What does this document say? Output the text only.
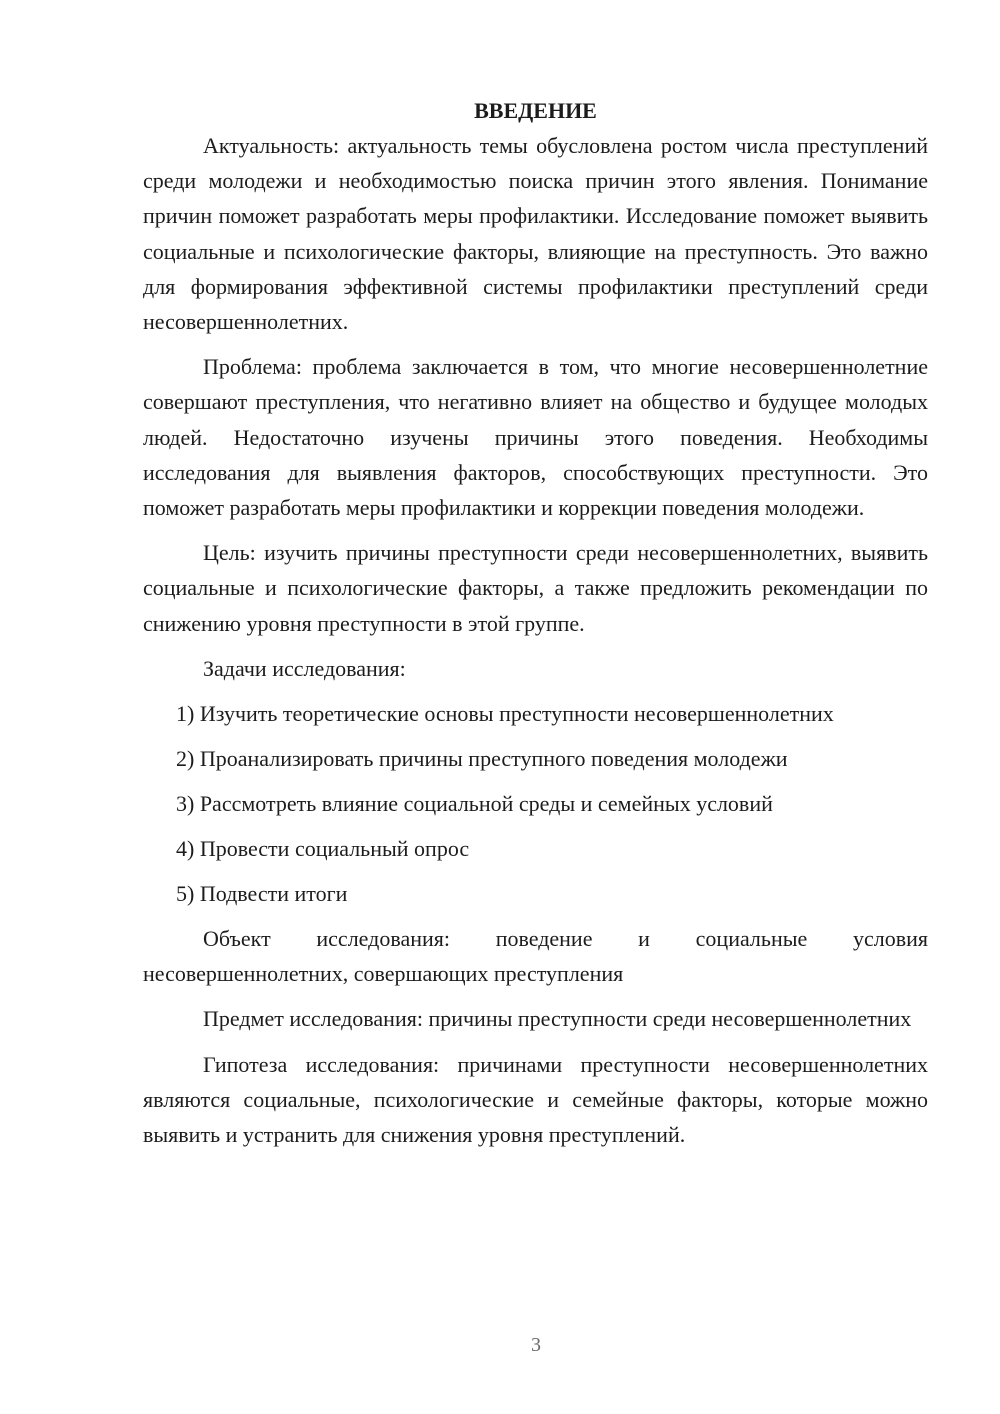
ВВЕДЕНИЕ

Актуальность: актуальность темы обусловлена ростом числа преступлений среди молодежи и необходимостью поиска причин этого явления. Понимание причин поможет разработать меры профилактики. Исследование поможет выявить социальные и психологические факторы, влияющие на преступность. Это важно для формирования эффективной системы профилактики преступлений среди несовершеннолетних.

Проблема: проблема заключается в том, что многие несовершеннолетние совершают преступления, что негативно влияет на общество и будущее молодых людей. Недостаточно изучены причины этого поведения. Необходимы исследования для выявления факторов, способствующих преступности. Это поможет разработать меры профилактики и коррекции поведения молодежи.

Цель: изучить причины преступности среди несовершеннолетних, выявить социальные и психологические факторы, а также предложить рекомендации по снижению уровня преступности в этой группе.

Задачи исследования:

1) Изучить теоретические основы преступности несовершеннолетних
2) Проанализировать причины преступного поведения молодежи
3) Рассмотреть влияние социальной среды и семейных условий
4) Провести социальный опрос
5) Подвести итоги

Объект исследования: поведение и социальные условия несовершеннолетних, совершающих преступления

Предмет исследования: причины преступности среди несовершеннолетних

Гипотеза исследования: причинами преступности несовершеннолетних являются социальные, психологические и семейные факторы, которые можно выявить и устранить для снижения уровня преступлений.

3
